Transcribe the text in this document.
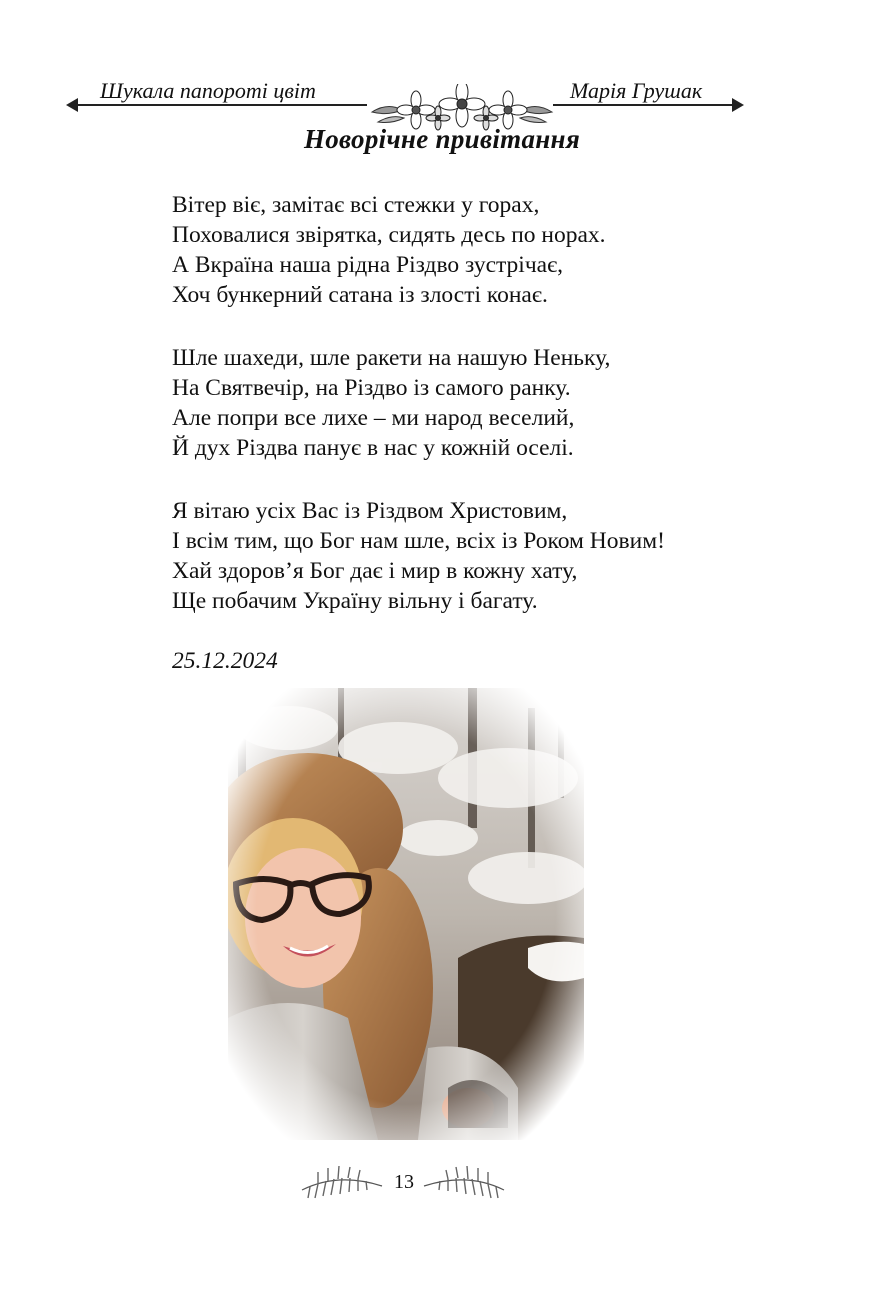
Шукала папороті цвіт	Марія Грушак
Новорічне привітання
Вітер віє, замітає всі стежки у горах,
Поховалися звірятка, сидять десь по норах.
А Вкраїна наша рідна Різдво зустрічає,
Хоч бункерний сатана із злості конає.
Шле шахеди, шле ракети на нашую Неньку,
На Святвечір, на Різдво із самого ранку.
Але попри все лихе – ми народ веселий,
Й дух Різдва панує в нас у кожній оселі.
Я вітаю усіх Вас із Різдвом Христовим,
І всім тим, що Бог нам шле, всіх із Роком Новим!
Хай здоров’я Бог дає і мир в кожну хату,
Ще побачим Україну вільну і багату.
25.12.2024
13
